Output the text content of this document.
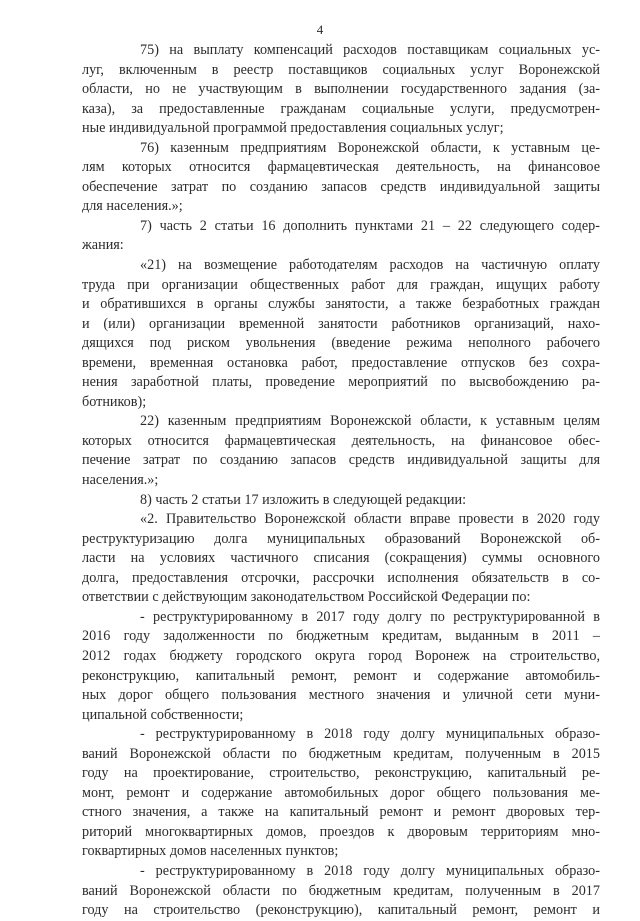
4
75) на выплату компенсаций расходов поставщикам социальных ус-
луг, включенным в реестр поставщиков социальных услуг Воронежской
области, но не участвующим в выполнении государственного задания (за-
каза), за предоставленные гражданам социальные услуги, предусмотрен-
ные индивидуальной программой предоставления социальных услуг;
76) казенным предприятиям Воронежской области, к уставным це-
лям которых относится фармацевтическая деятельность, на финансовое
обеспечение затрат по созданию запасов средств индивидуальной защиты
для населения.»;
7) часть 2 статьи 16 дополнить пунктами 21 – 22 следующего содер-
жания:
«21) на возмещение работодателям расходов на частичную оплату
труда при организации общественных работ для граждан, ищущих работу
и обратившихся в органы службы занятости, а также безработных граждан
и (или) организации временной занятости работников организаций, нахо-
дящихся под риском увольнения (введение режима неполного рабочего
времени, временная остановка работ, предоставление отпусков без сохра-
нения заработной платы, проведение мероприятий по высвобождению ра-
ботников);
22) казенным предприятиям Воронежской области, к уставным целям
которых относится фармацевтическая деятельность, на финансовое обес-
печение затрат по созданию запасов средств индивидуальной защиты для
населения.»;
8) часть 2 статьи 17 изложить в следующей редакции:
«2. Правительство Воронежской области вправе провести в 2020 году
реструктуризацию долга муниципальных образований Воронежской об-
ласти на условиях частичного списания (сокращения) суммы основного
долга, предоставления отсрочки, рассрочки исполнения обязательств в со-
ответствии с действующим законодательством Российской Федерации по:
- реструктурированному в 2017 году долгу по реструктурированной в
2016 году задолженности по бюджетным кредитам, выданным в 2011 –
2012 годах бюджету городского округа город Воронеж на строительство,
реконструкцию, капитальный ремонт, ремонт и содержание автомобиль-
ных дорог общего пользования местного значения и уличной сети муни-
ципальной собственности;
- реструктурированному в 2018 году долгу муниципальных образо-
ваний Воронежской области по бюджетным кредитам, полученным в 2015
году на проектирование, строительство, реконструкцию, капитальный ре-
монт, ремонт и содержание автомобильных дорог общего пользования ме-
стного значения, а также на капитальный ремонт и ремонт дворовых тер-
риторий многоквартирных домов, проездов к дворовым территориям мно-
гоквартирных домов населенных пунктов;
- реструктурированному в 2018 году долгу муниципальных образо-
ваний Воронежской области по бюджетным кредитам, полученным в 2017
году на строительство (реконструкцию), капитальный ремонт, ремонт и
